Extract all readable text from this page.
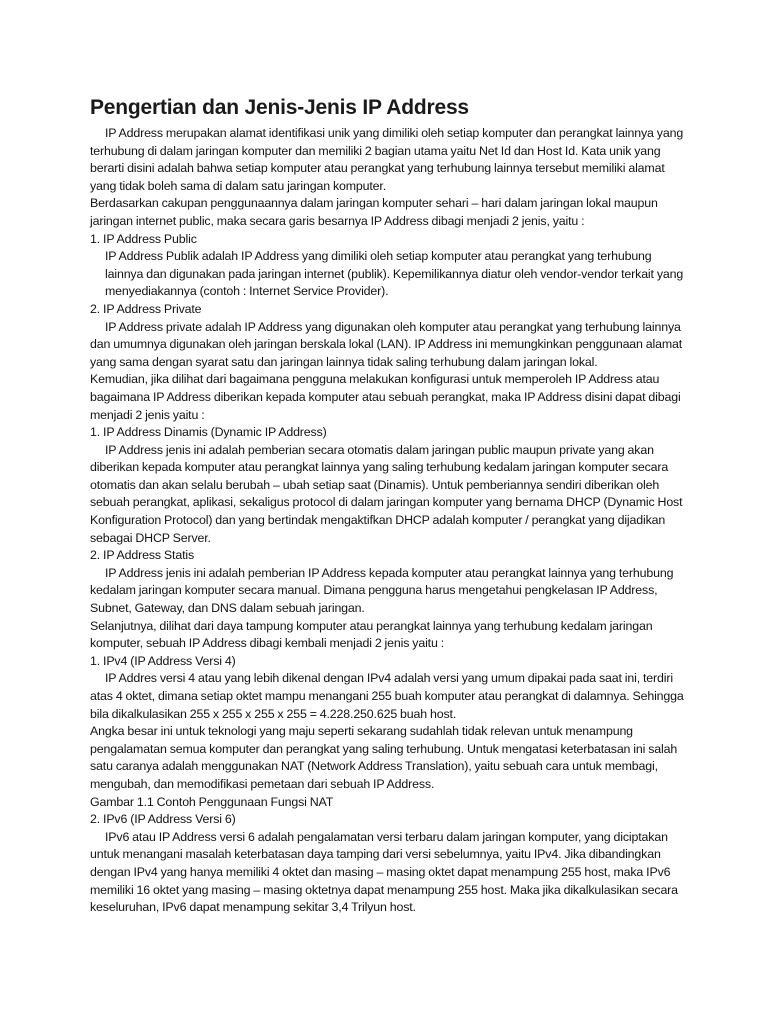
Pengertian dan Jenis-Jenis IP Address

IP Address merupakan alamat identifikasi unik yang dimiliki oleh setiap komputer dan perangkat lainnya yang terhubung di dalam jaringan komputer dan memiliki 2 bagian utama yaitu Net Id dan Host Id. Kata unik yang berarti disini adalah bahwa setiap komputer atau perangkat yang terhubung lainnya tersebut memiliki alamat yang tidak boleh sama di dalam satu jaringan komputer.

Berdasarkan cakupan penggunaannya dalam jaringan komputer sehari – hari dalam jaringan lokal maupun jaringan internet public, maka secara garis besarnya IP Address dibagi menjadi 2 jenis, yaitu :

1. IP Address Public

IP Address Publik adalah IP Address yang dimiliki oleh setiap komputer atau perangkat yang terhubung lainnya dan digunakan pada jaringan internet (publik). Kepemilikannya diatur oleh vendor-vendor terkait yang menyediakannya (contoh : Internet Service Provider).

2. IP Address Private

IP Address private adalah IP Address yang digunakan oleh komputer atau perangkat yang terhubung lainnya dan umumnya digunakan oleh jaringan berskala lokal (LAN). IP Address ini memungkinkan penggunaan alamat yang sama dengan syarat satu dan jaringan lainnya tidak saling terhubung dalam jaringan lokal.

Kemudian, jika dilihat dari bagaimana pengguna melakukan konfigurasi untuk memperoleh IP Address atau bagaimana IP Address diberikan kepada komputer atau sebuah perangkat, maka IP Address disini dapat dibagi menjadi 2 jenis yaitu :

1. IP Address Dinamis (Dynamic IP Address)

IP Address jenis ini adalah pemberian secara otomatis dalam jaringan public maupun private yang akan diberikan kepada komputer atau perangkat lainnya yang saling terhubung kedalam jaringan komputer secara otomatis dan akan selalu berubah – ubah setiap saat (Dinamis). Untuk pemberiannya sendiri diberikan oleh sebuah perangkat, aplikasi, sekaligus protocol di dalam jaringan komputer yang bernama DHCP (Dynamic Host Konfiguration Protocol) dan yang bertindak mengaktifkan DHCP adalah komputer / perangkat yang dijadikan sebagai DHCP Server.

2. IP Address Statis

IP Address jenis ini adalah pemberian IP Address kepada komputer atau perangkat lainnya yang terhubung kedalam jaringan komputer secara manual. Dimana pengguna harus mengetahui pengkelasan IP Address, Subnet, Gateway, dan DNS dalam sebuah jaringan.

Selanjutnya, dilihat dari daya tampung komputer atau perangkat lainnya yang terhubung kedalam jaringan komputer, sebuah IP Address dibagi kembali menjadi 2 jenis yaitu :

1. IPv4 (IP Address Versi 4)

IP Addres versi 4 atau yang lebih dikenal dengan IPv4 adalah versi yang umum dipakai pada saat ini, terdiri atas 4 oktet, dimana setiap oktet mampu menangani 255 buah komputer atau perangkat di dalamnya. Sehingga bila dikalkulasikan 255 x 255 x 255 x 255 = 4.228.250.625 buah host.

Angka besar ini untuk teknologi yang maju seperti sekarang sudahlah tidak relevan untuk menampung pengalamatan semua komputer dan perangkat yang saling terhubung. Untuk mengatasi keterbatasan ini salah satu caranya adalah menggunakan NAT (Network Address Translation), yaitu sebuah cara untuk membagi, mengubah, dan memodifikasi pemetaan dari sebuah IP Address.

Gambar 1.1 Contoh Penggunaan Fungsi NAT

2. IPv6 (IP Address Versi 6)

IPv6 atau IP Address versi 6 adalah pengalamatan versi terbaru dalam jaringan komputer, yang diciptakan untuk menangani masalah keterbatasan daya tamping dari versi sebelumnya, yaitu IPv4. Jika dibandingkan dengan IPv4 yang hanya memiliki 4 oktet dan masing – masing oktet dapat menampung 255 host, maka IPv6 memiliki 16 oktet yang masing – masing oktetnya dapat menampung 255 host. Maka jika dikalkulasikan secara keseluruhan, IPv6 dapat menampung sekitar 3,4 Trilyun host.
